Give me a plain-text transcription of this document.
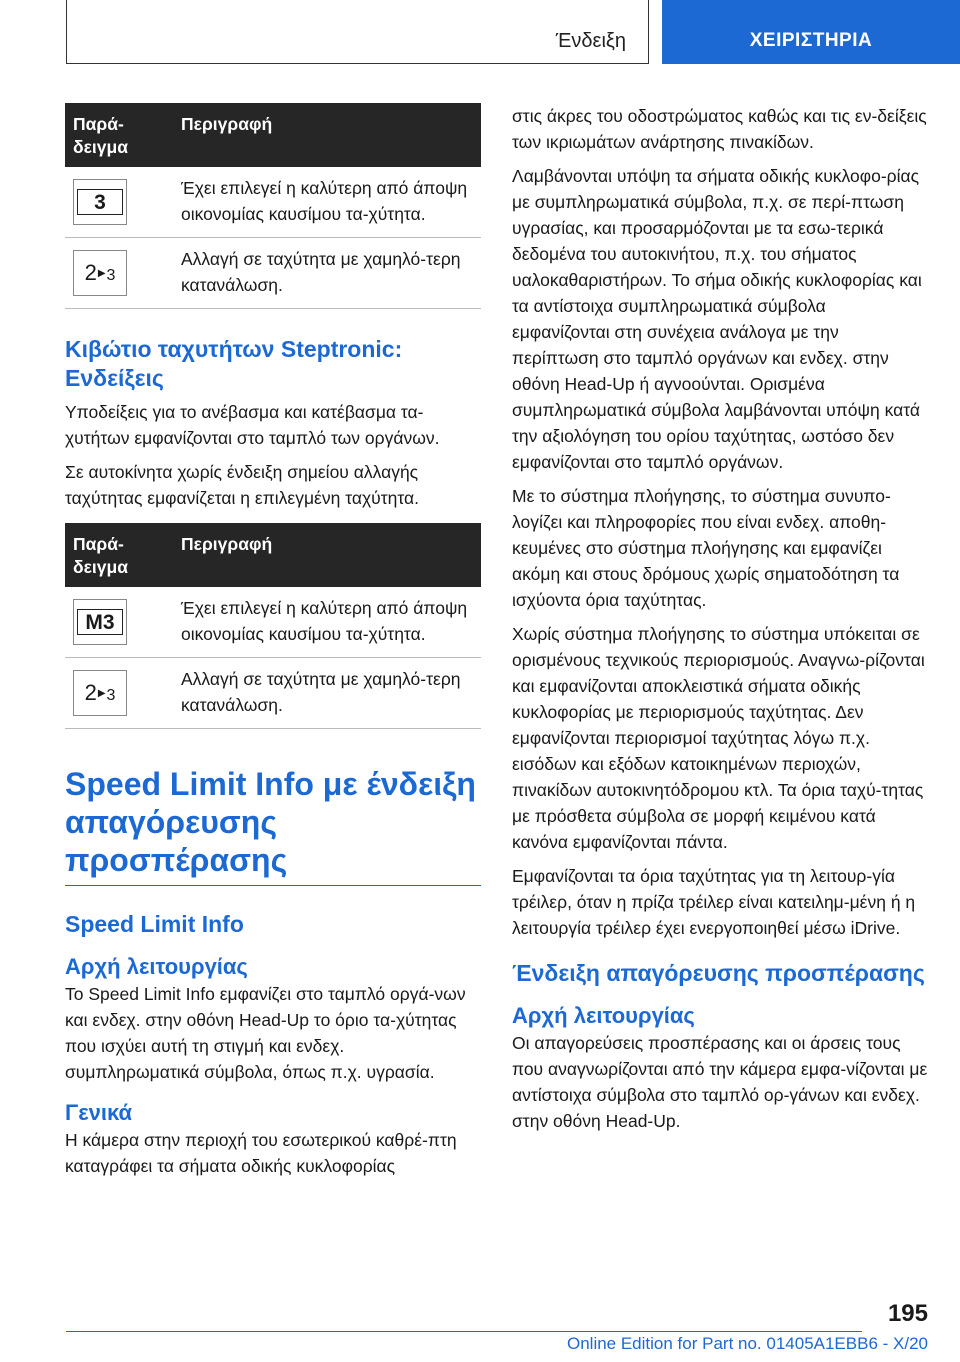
Ένδειξη	ΧΕΙΡΙΣΤΗΡΙΑ
Παρά-
δειγμα
Περιγραφή
3
Έχει επιλεγεί η καλύτερη από άποψη οικονομίας καυσίμου τα-χύτητα.
2 ▶ 3
Αλλαγή σε ταχύτητα με χαμηλό-τερη κατανάλωση.
Κιβώτιο ταχυτήτων Steptronic: Ενδείξεις

Υποδείξεις για το ανέβασμα και κατέβασμα τα-χυτήτων εμφανίζονται στο ταμπλό των οργάνων.

Σε αυτοκίνητα χωρίς ένδειξη σημείου αλλαγής ταχύτητας εμφανίζεται η επιλεγμένη ταχύτητα.

Παρά-
δειγμα
Περιγραφή
M3
Έχει επιλεγεί η καλύτερη από άποψη οικονομίας καυσίμου τα-χύτητα.
2 ▶ 3
Αλλαγή σε ταχύτητα με χαμηλό-τερη κατανάλωση.
Speed Limit Info με ένδειξη απαγόρευσης προσπέρασης
Speed Limit Info
Αρχή λειτουργίας

Το Speed Limit Info εμφανίζει στο ταμπλό οργά-νων και ενδεχ. στην οθόνη Head-Up το όριο τα-χύτητας που ισχύει αυτή τη στιγμή και ενδεχ. συμπληρωματικά σύμβολα, όπως π.χ. υγρασία.

Γενικά

Η κάμερα στην περιοχή του εσωτερικού καθρέ-πτη καταγράφει τα σήματα οδικής κυκλοφορίας

στις άκρες του οδοστρώματος καθώς και τις εν-δείξεις των ικριωμάτων ανάρτησης πινακίδων.

Λαμβάνονται υπόψη τα σήματα οδικής κυκλοφο-ρίας με συμπληρωματικά σύμβολα, π.χ. σε περί-πτωση υγρασίας, και προσαρμόζονται με τα εσω-τερικά δεδομένα του αυτοκινήτου, π.χ. του σήματος υαλοκαθαριστήρων. Το σήμα οδικής κυκλοφορίας και τα αντίστοιχα συμπληρωματικά σύμβολα εμφανίζονται στη συνέχεια ανάλογα με την περίπτωση στο ταμπλό οργάνων και ενδεχ. στην οθόνη Head-Up ή αγνοούνται. Ορισμένα συμπληρωματικά σύμβολα λαμβάνονται υπόψη κατά την αξιολόγηση του ορίου ταχύτητας, ωστόσο δεν εμφανίζονται στο ταμπλό οργάνων.

Με το σύστημα πλοήγησης, το σύστημα συνυπο-λογίζει και πληροφορίες που είναι ενδεχ. αποθη-κευμένες στο σύστημα πλοήγησης και εμφανίζει ακόμη και στους δρόμους χωρίς σηματοδότηση τα ισχύοντα όρια ταχύτητας.

Χωρίς σύστημα πλοήγησης το σύστημα υπόκειται σε ορισμένους τεχνικούς περιορισμούς. Αναγνω-ρίζονται και εμφανίζονται αποκλειστικά σήματα οδικής κυκλοφορίας με περιορισμούς ταχύτητας. Δεν εμφανίζονται περιορισμοί ταχύτητας λόγω π.χ. εισόδων και εξόδων κατοικημένων περιοχών, πινακίδων αυτοκινητόδρομου κτλ. Τα όρια ταχύ-τητας με πρόσθετα σύμβολα σε μορφή κειμένου κατά κανόνα εμφανίζονται πάντα.

Εμφανίζονται τα όρια ταχύτητας για τη λειτουρ-γία τρέιλερ, όταν η πρίζα τρέιλερ είναι κατειλημ-μένη ή η λειτουργία τρέιλερ έχει ενεργοποιηθεί μέσω iDrive.

Ένδειξη απαγόρευσης προσπέρασης
Αρχή λειτουργίας

Οι απαγορεύσεις προσπέρασης και οι άρσεις τους που αναγνωρίζονται από την κάμερα εμφα-νίζονται με αντίστοιχα σύμβολα στο ταμπλό ορ-γάνων και ενδεχ. στην οθόνη Head-Up.

195
Online Edition for Part no. 01405A1EBB6 - X/20
